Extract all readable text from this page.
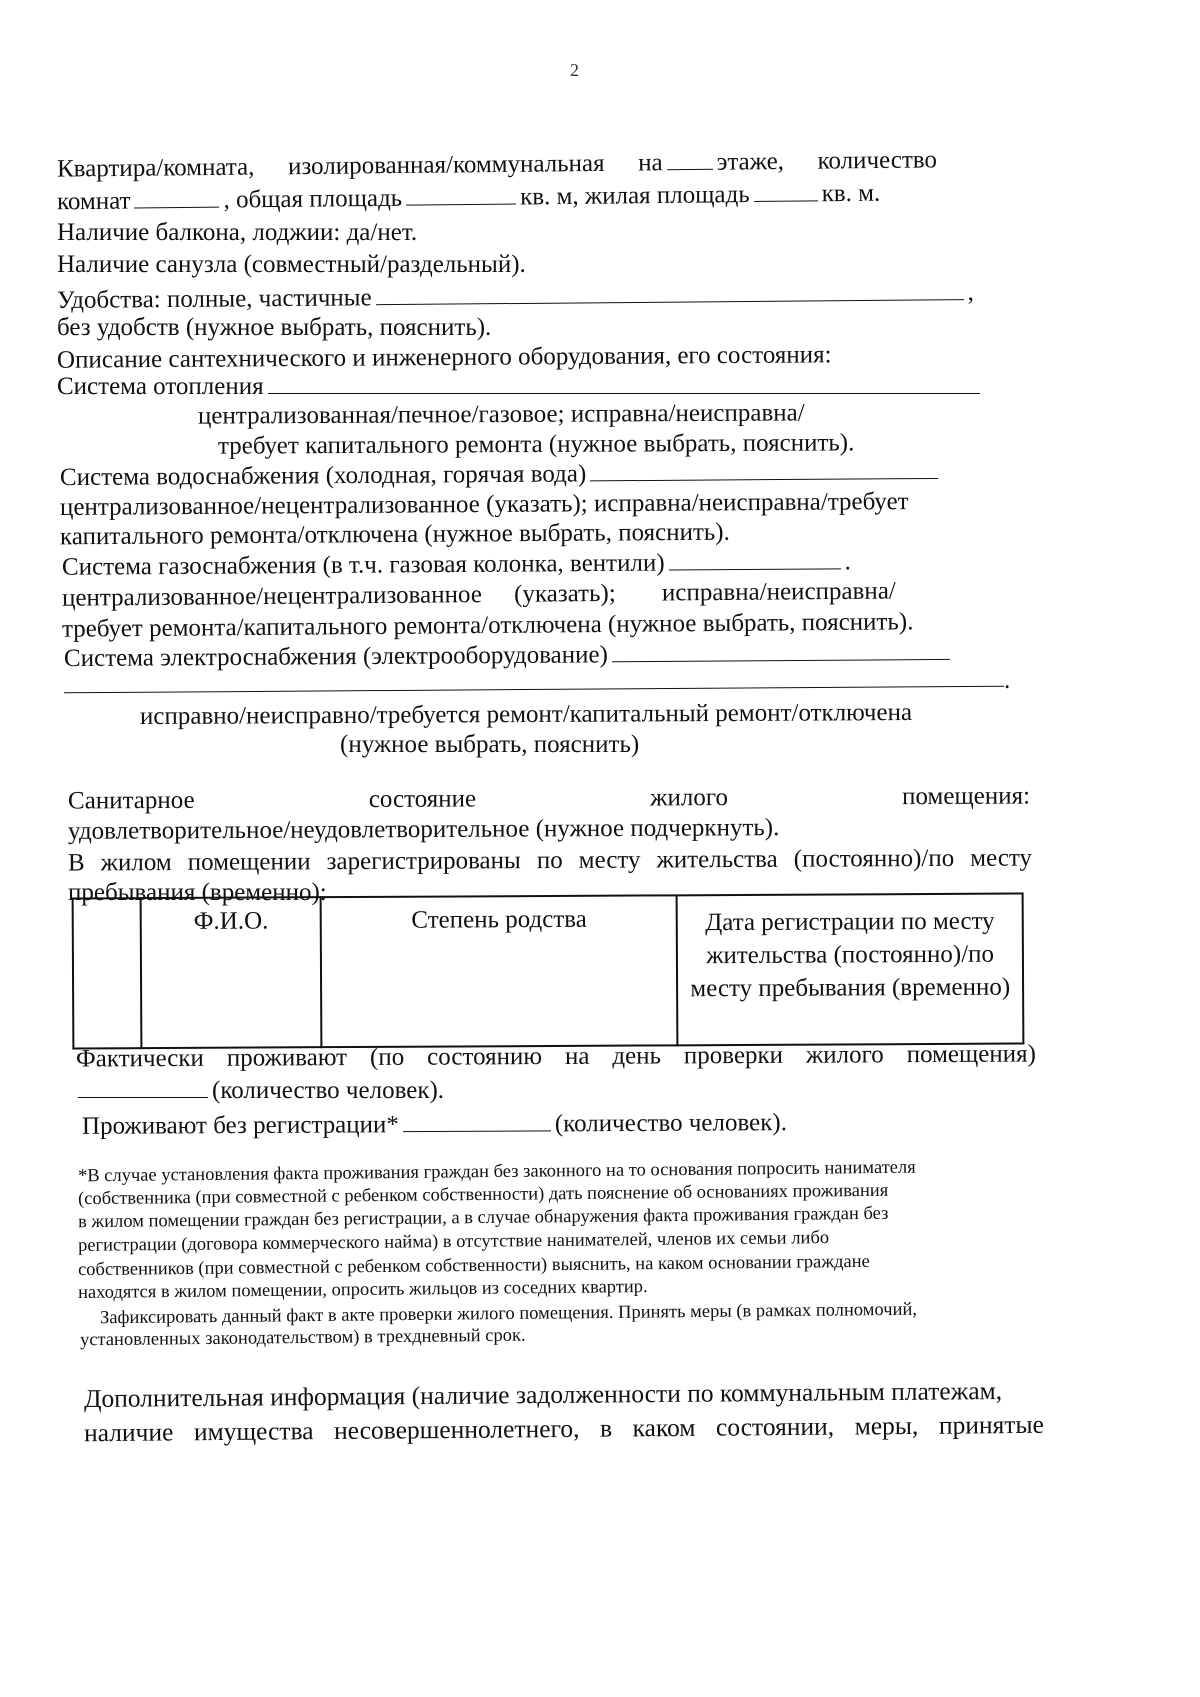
2
Квартира/комната, изолированная/коммунальная на этаже, количество
комнат	, общая площадь	кв. м, жилая площадь	кв. м.
Наличие балкона, лоджии: да/нет.
Наличие санузла (совместный/раздельный).
Удобства: полные, частичные	,
без удобств (нужное выбрать, пояснить).
Описание сантехнического и инженерного оборудования, его состояния:
Система отопления
централизованная/печное/газовое; исправна/неисправна/
требует капитального ремонта (нужное выбрать, пояснить).
Система водоснабжения (холодная, горячая вода)
централизованное/нецентрализованное (указать); исправна/неисправна/требует
капитального ремонта/отключена (нужное выбрать, пояснить).
Система газоснабжения (в т.ч. газовая колонка, вентили)	.
централизованное/нецентрализованное (указать); исправна/неисправна/
требует ремонта/капитального ремонта/отключена (нужное выбрать, пояснить).
Система электроснабжения (электрооборудование)
.
исправно/неисправно/требуется ремонт/капитальный ремонт/отключена
(нужное выбрать, пояснить)
Санитарное	состояние	жилого	помещения:
удовлетворительное/неудовлетворительное (нужное подчеркнуть).
В жилом помещении зарегистрированы по месту жительства (постоянно)/по месту
пребывания (временно):
	Ф.И.О.	Степень родства	Дата регистрации по месту жительства (постоянно)/по месту пребывания (временно)
Фактически проживают (по состоянию на день проверки жилого помещения)
(количество человек).
Проживают без регистрации*	(количество человек).
*В случае установления факта проживания граждан без законного на то основания попросить нанимателя
(собственника (при совместной с ребенком собственности) дать пояснение об основаниях проживания
в жилом помещении граждан без регистрации, а в случае обнаружения факта проживания граждан без
регистрации (договора коммерческого найма) в отсутствие нанимателей, членов их семьи либо
собственников (при совместной с ребенком собственности) выяснить, на каком основании граждане
находятся в жилом помещении, опросить жильцов из соседних квартир.
Зафиксировать данный факт в акте проверки жилого помещения. Принять меры (в рамках полномочий,
установленных законодательством) в трехдневный срок.
Дополнительная информация (наличие задолженности по коммунальным платежам,
наличие имущества несовершеннолетнего, в каком состоянии, меры, принятые
